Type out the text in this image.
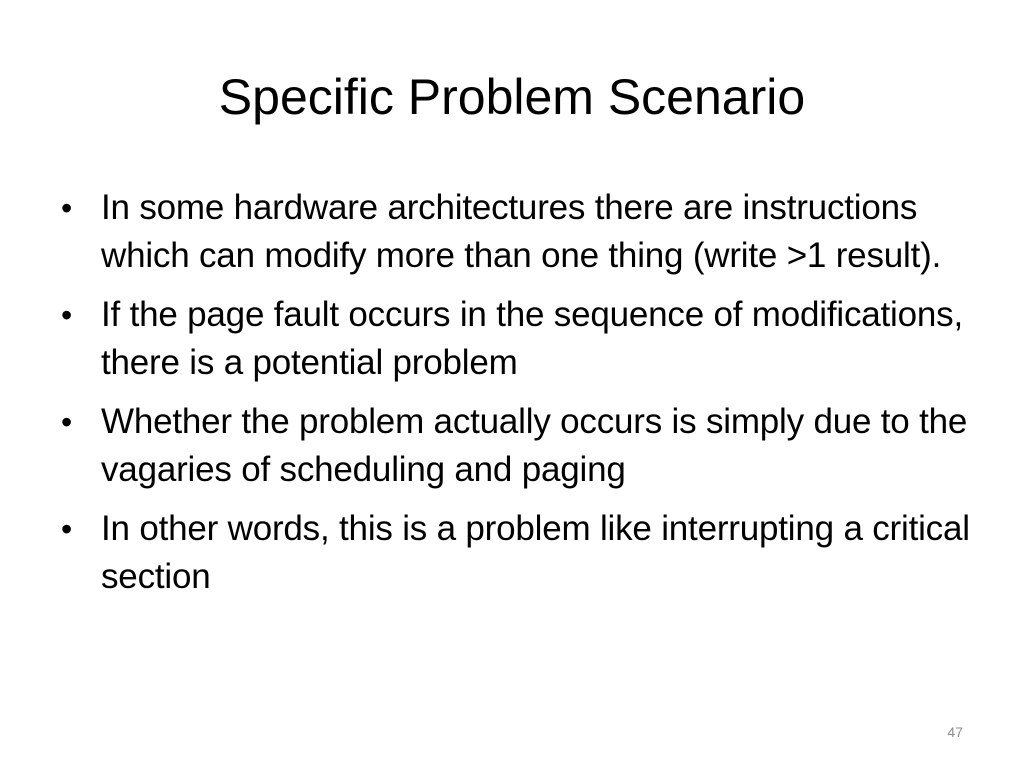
Specific Problem Scenario
• In some hardware architectures there are instructions which can modify more than one thing (write >1 result).
• If the page fault occurs in the sequence of modifications, there is a potential problem
• Whether the problem actually occurs is simply due to the vagaries of scheduling and paging
• In other words, this is a problem like interrupting a critical section
47
